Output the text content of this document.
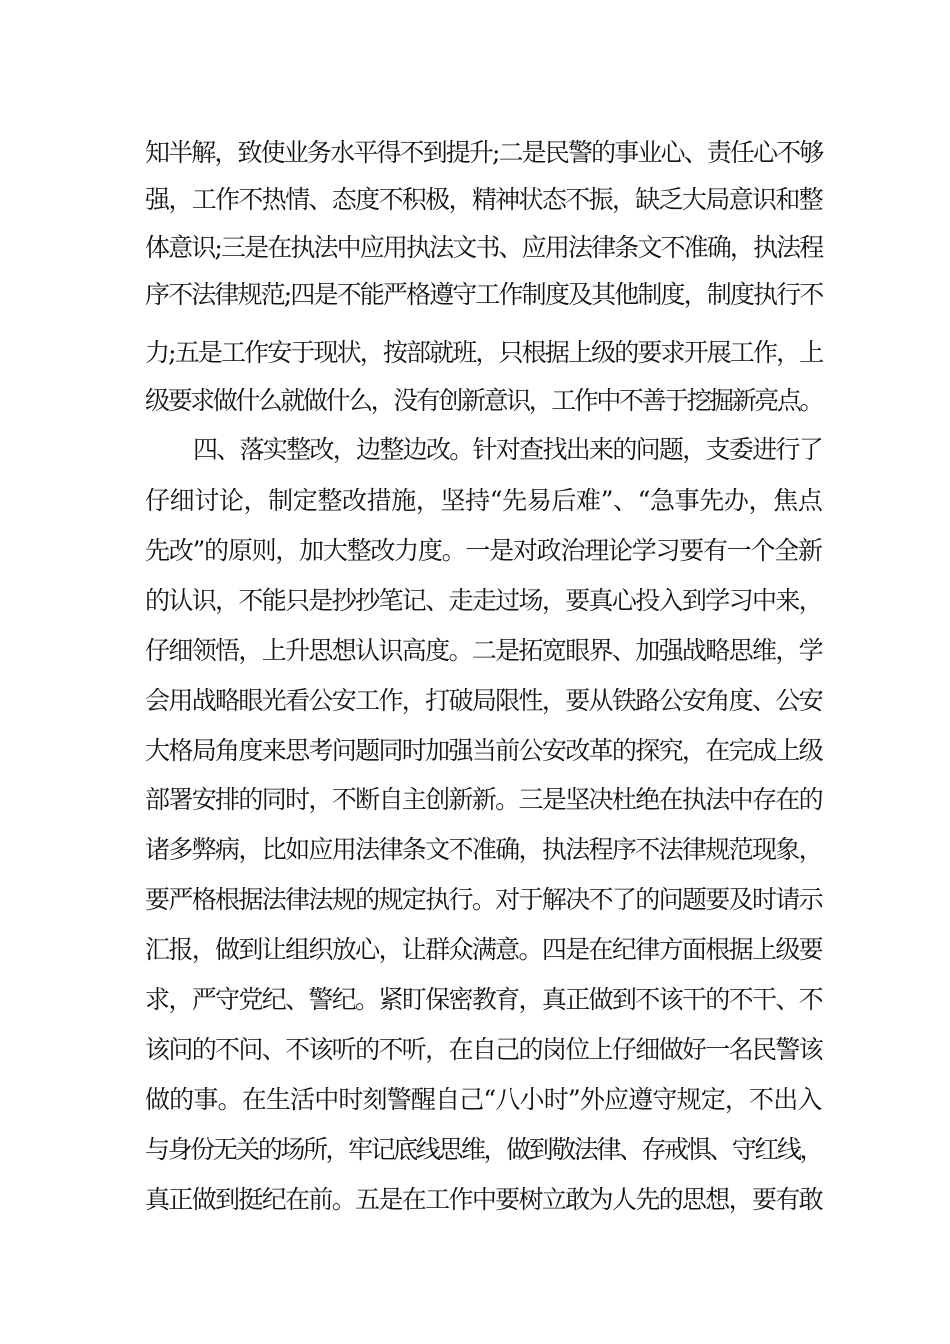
知半解，致使业务水平得不到提升;二是民警的事业心、责任心不够
强，工作不热情、态度不积极，精神状态不振，缺乏大局意识和整
体意识;三是在执法中应用执法文书、应用法律条文不准确，执法程
序不法律规范;四是不能严格遵守工作制度及其他制度，制度执行不
力;五是工作安于现状，按部就班，只根据上级的要求开展工作，上
级要求做什么就做什么，没有创新意识，工作中不善于挖掘新亮点。
四、落实整改，边整边改。针对查找出来的问题，支委进行了
仔细讨论，制定整改措施，坚持“先易后难”、“急事先办，焦点
先改”的原则，加大整改力度。一是对政治理论学习要有一个全新
的认识，不能只是抄抄笔记、走走过场，要真心投入到学习中来，
仔细领悟，上升思想认识高度。二是拓宽眼界、加强战略思维，学
会用战略眼光看公安工作，打破局限性，要从铁路公安角度、公安
大格局角度来思考问题同时加强当前公安改革的探究，在完成上级
部署安排的同时，不断自主创新新。三是坚决杜绝在执法中存在的
诸多弊病，比如应用法律条文不准确，执法程序不法律规范现象，
要严格根据法律法规的规定执行。对于解决不了的问题要及时请示
汇报，做到让组织放心，让群众满意。四是在纪律方面根据上级要
求，严守党纪、警纪。紧盯保密教育，真正做到不该干的不干、不
该问的不问、不该听的不听，在自己的岗位上仔细做好一名民警该
做的事。在生活中时刻警醒自己“八小时”外应遵守规定，不出入
与身份无关的场所，牢记底线思维，做到敬法律、存戒惧、守红线，
真正做到挺纪在前。五是在工作中要树立敢为人先的思想，要有敢
